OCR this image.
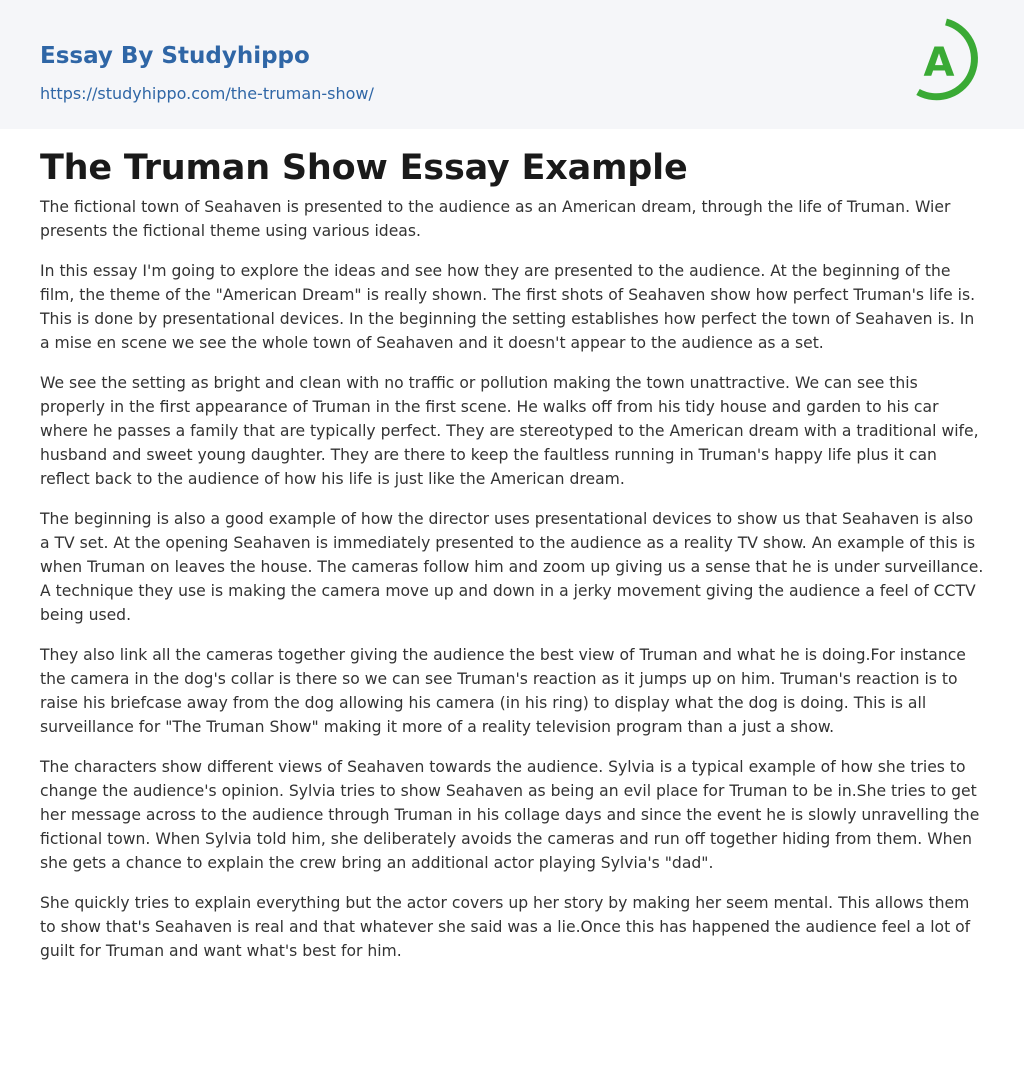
Essay By Studyhippo
https://studyhippo.com/the-truman-show/
A
The Truman Show Essay Example

The fictional town of Seahaven is presented to the audience as an American dream, through the life of Truman. Wier presents the fictional theme using various ideas.

In this essay I'm going to explore the ideas and see how they are presented to the audience. At the beginning of the film, the theme of the "American Dream" is really shown. The first shots of Seahaven show how perfect Truman's life is. This is done by presentational devices. In the beginning the setting establishes how perfect the town of Seahaven is. In a mise en scene we see the whole town of Seahaven and it doesn't appear to the audience as a set.

We see the setting as bright and clean with no traffic or pollution making the town unattractive. We can see this properly in the first appearance of Truman in the first scene. He walks off from his tidy house and garden to his car where he passes a family that are typically perfect. They are stereotyped to the American dream with a traditional wife, husband and sweet young daughter. They are there to keep the faultless running in Truman's happy life plus it can reflect back to the audience of how his life is just like the American dream.

The beginning is also a good example of how the director uses presentational devices to show us that Seahaven is also a TV set. At the opening Seahaven is immediately presented to the audience as a reality TV show. An example of this is when Truman on leaves the house. The cameras follow him and zoom up giving us a sense that he is under surveillance. A technique they use is making the camera move up and down in a jerky movement giving the audience a feel of CCTV being used.

They also link all the cameras together giving the audience the best view of Truman and what he is doing.For instance the camera in the dog's collar is there so we can see Truman's reaction as it jumps up on him. Truman's reaction is to raise his briefcase away from the dog allowing his camera (in his ring) to display what the dog is doing. This is all surveillance for "The Truman Show" making it more of a reality television program than a just a show.

The characters show different views of Seahaven towards the audience. Sylvia is a typical example of how she tries to change the audience's opinion. Sylvia tries to show Seahaven as being an evil place for Truman to be in.She tries to get her message across to the audience through Truman in his collage days and since the event he is slowly unravelling the fictional town. When Sylvia told him, she deliberately avoids the cameras and run off together hiding from them. When she gets a chance to explain the crew bring an additional actor playing Sylvia's "dad".

She quickly tries to explain everything but the actor covers up her story by making her seem mental. This allows them to show that's Seahaven is real and that whatever she said was a lie.Once this has happened the audience feel a lot of guilt for Truman and want what's best for him.
